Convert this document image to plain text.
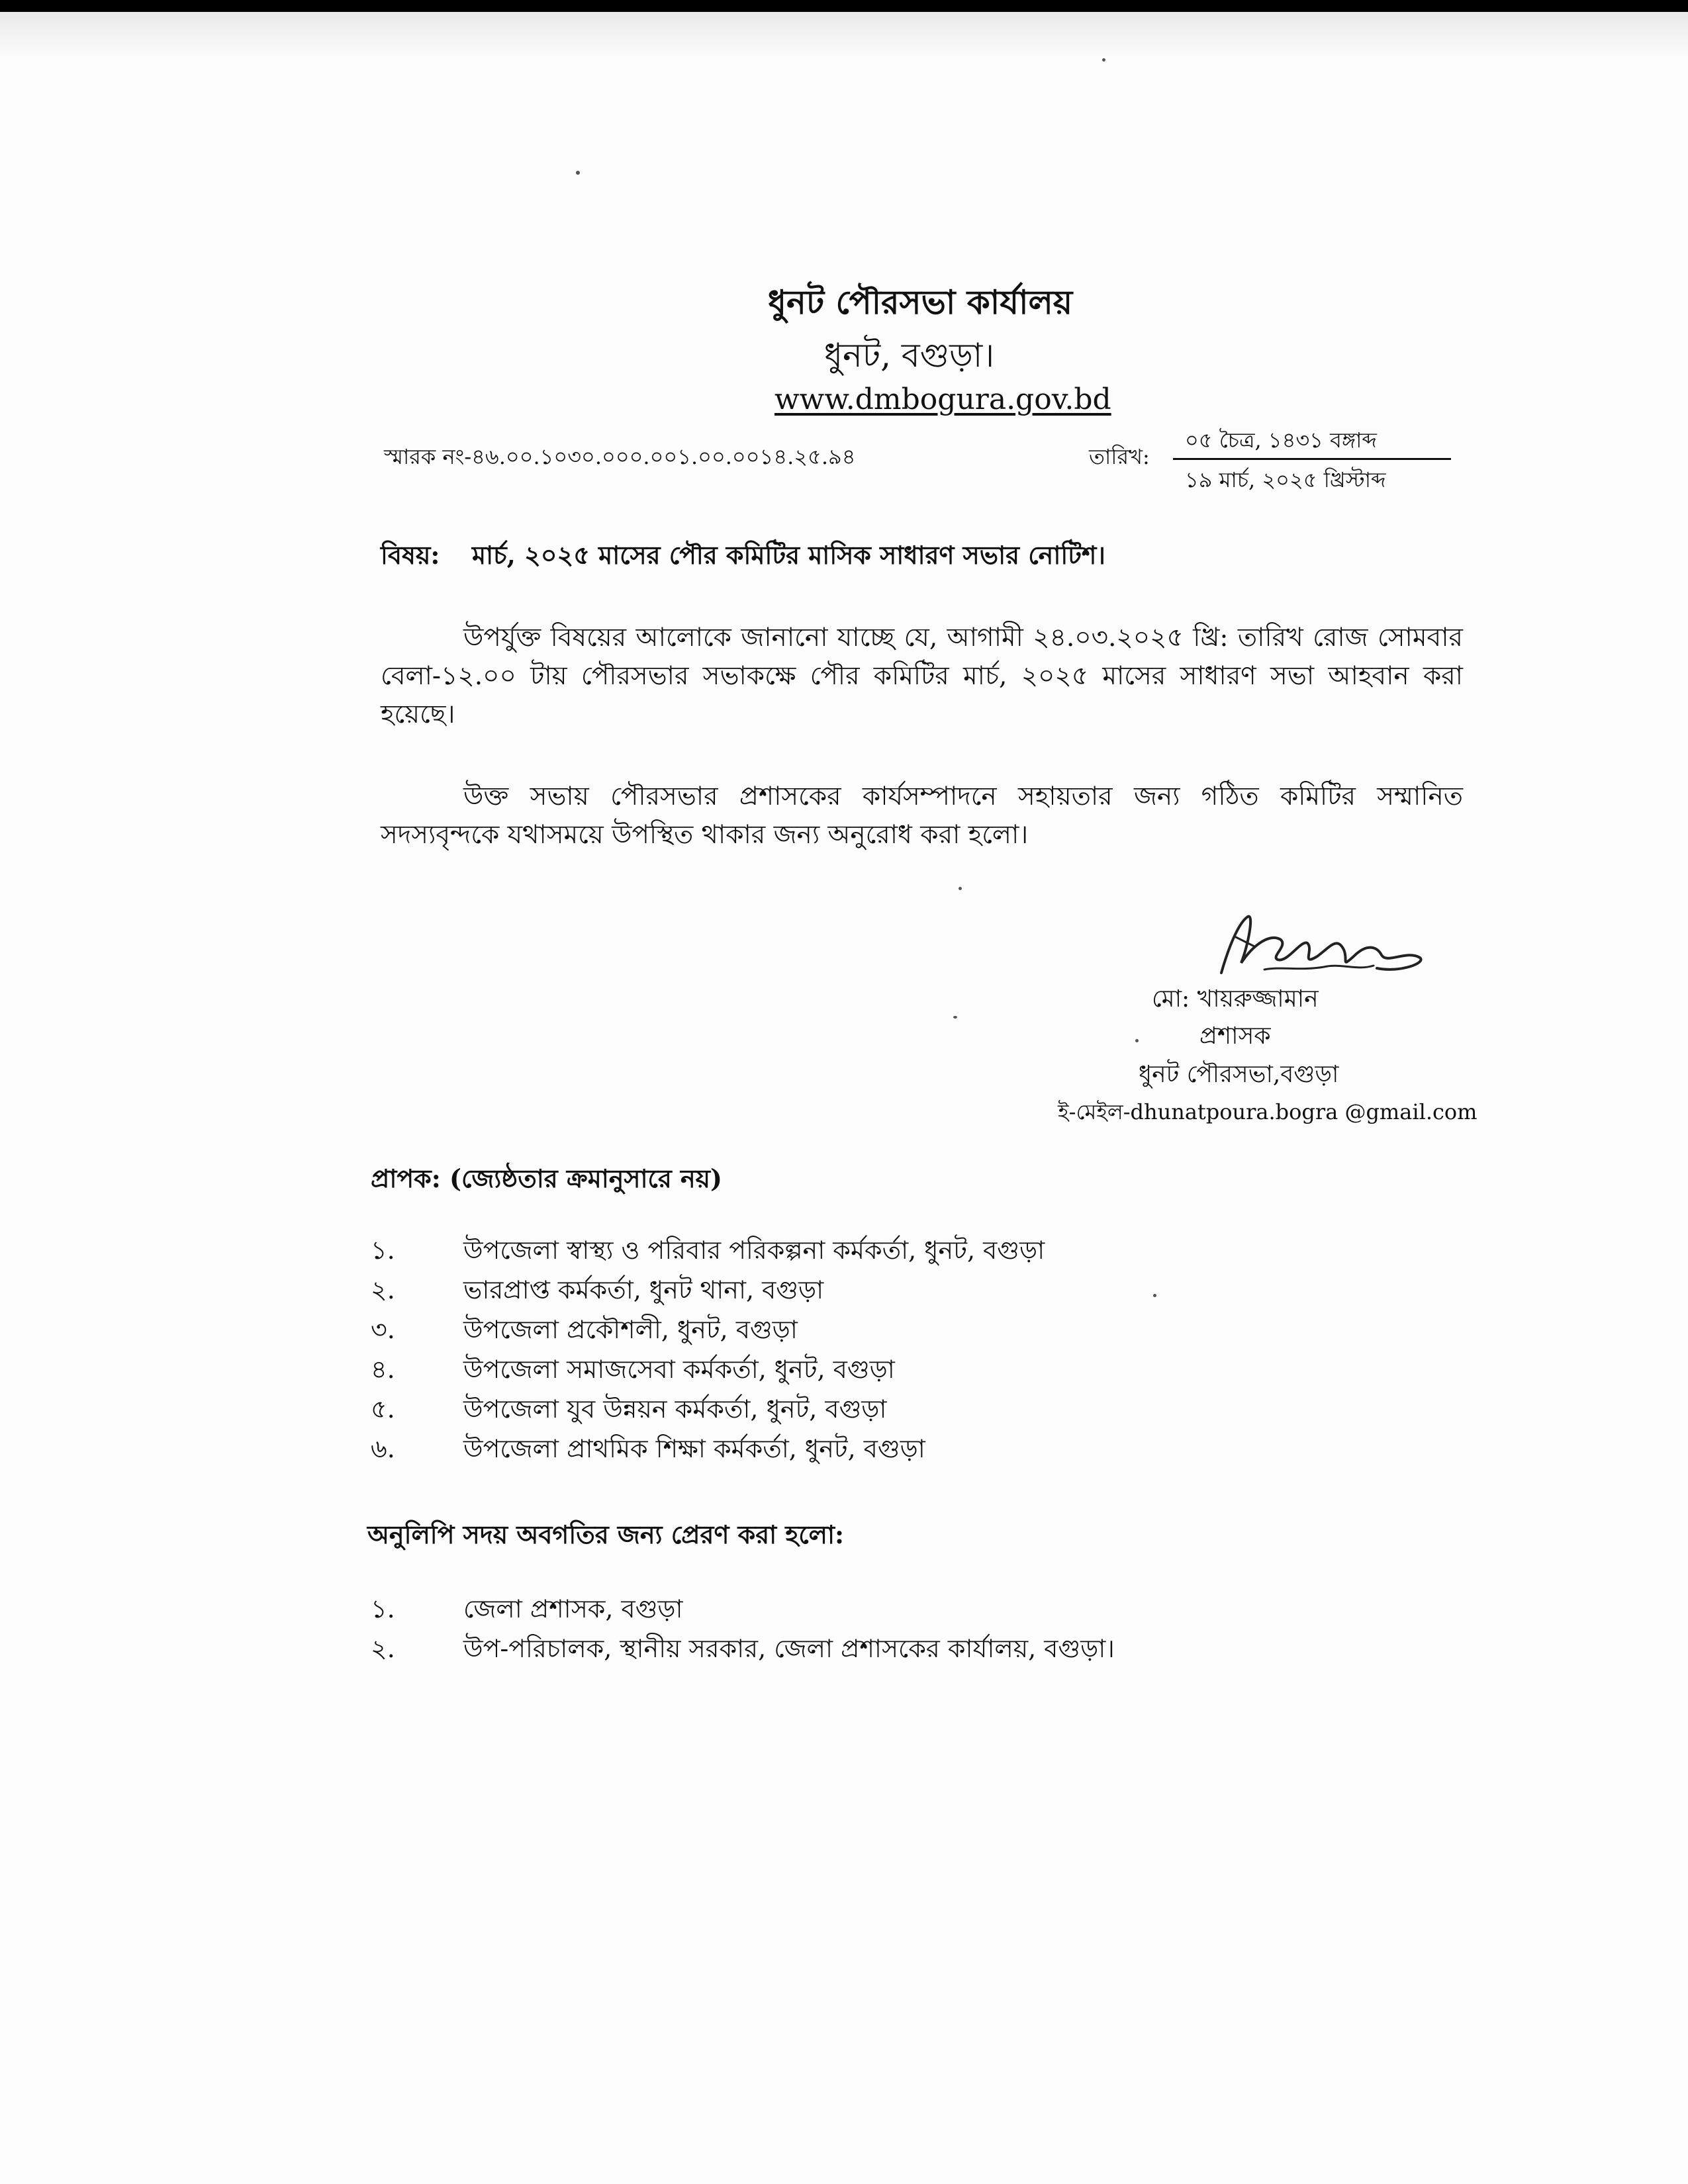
ধুনট পৌরসভা কার্যালয়
ধুনট, বগুড়া।
www.dmbogura.gov.bd
স্মারক নং-৪৬.০০.১০৩০.০০০.০০১.০০.০০১৪.২৫.৯৪	তারিখ:
০৫ চৈত্র, ১৪৩১ বঙ্গাব্দ
১৯ মার্চ, ২০২৫ খ্রিস্টাব্দ
বিষয়: মার্চ, ২০২৫ মাসের পৌর কমিটির মাসিক সাধারণ সভার নোটিশ।

উপর্যুক্ত বিষয়ের আলোকে জানানো যাচ্ছে যে, আগামী ২৪.০৩.২০২৫ খ্রি: তারিখ রোজ সোমবার বেলা-১২.০০ টায় পৌরসভার সভাকক্ষে পৌর কমিটির মার্চ, ২০২৫ মাসের সাধারণ সভা আহবান করা হয়েছে।

উক্ত সভায় পৌরসভার প্রশাসকের কার্যসম্পাদনে সহায়তার জন্য গঠিত কমিটির সম্মানিত সদস্যবৃন্দকে যথাসময়ে উপস্থিত থাকার জন্য অনুরোধ করা হলো।

মো: খায়রুজ্জামান
প্রশাসক
ধুনট পৌরসভা,বগুড়া
ই-মেইল-dhunatpoura.bogra @gmail.com
প্রাপক: (জ্যেষ্ঠতার ক্রমানুসারে নয়)
১.	উপজেলা স্বাস্থ্য ও পরিবার পরিকল্পনা কর্মকর্তা, ধুনট, বগুড়া
২.	ভারপ্রাপ্ত কর্মকর্তা, ধুনট থানা, বগুড়া
৩.	উপজেলা প্রকৌশলী, ধুনট, বগুড়া
৪.	উপজেলা সমাজসেবা কর্মকর্তা, ধুনট, বগুড়া
৫.	উপজেলা যুব উন্নয়ন কর্মকর্তা, ধুনট, বগুড়া
৬.	উপজেলা প্রাথমিক শিক্ষা কর্মকর্তা, ধুনট, বগুড়া
অনুলিপি সদয় অবগতির জন্য প্রেরণ করা হলো:
১.	জেলা প্রশাসক, বগুড়া
২.	উপ-পরিচালক, স্থানীয় সরকার, জেলা প্রশাসকের কার্যালয়, বগুড়া।
